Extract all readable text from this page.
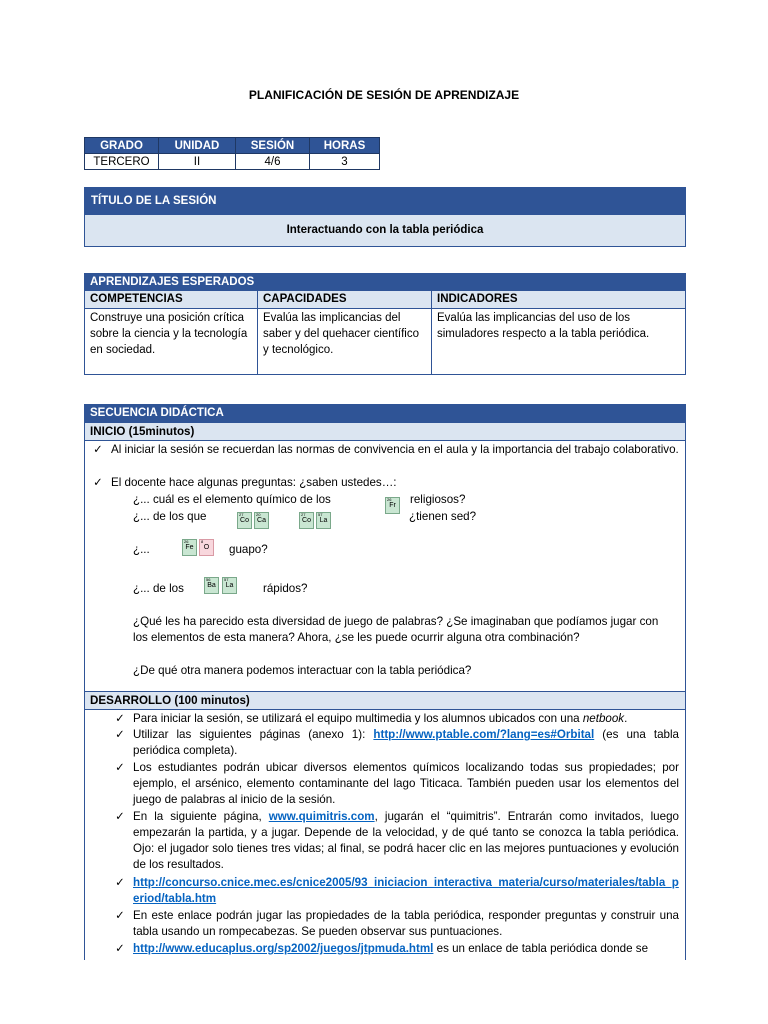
PLANIFICACIÓN DE SESIÓN DE APRENDIZAJE
GRADO	UNIDAD	SESIÓN	HORAS
TERCERO	II	4/6	3
TÍTULO DE LA SESIÓN
Interactuando con la tabla periódica
APRENDIZAJES ESPERADOS		
COMPETENCIAS	CAPACIDADES	INDICADORES
Construye una posición crítica sobre la ciencia y la tecnología en sociedad.	Evalúa las implicancias del saber y del quehacer científico y tecnológico.	Evalúa las implicancias del uso de los simuladores respecto a la tabla periódica.
SECUENCIA DIDÁCTICA
INICIO (15minutos)
✓ Al iniciar la sesión se recuerdan las normas de convivencia en el aula y la importancia del trabajo colaborativo.
✓ El docente hace algunas preguntas: ¿saben ustedes…:
¿... cuál es el elemento químico de los	26
Fr	religiosos?
¿... de los que	27
Co
20
Ca
27
Co
57
La	¿tienen sed?
¿...
26
Fe
8
O	guapo?
¿... de los
56
Ba
57
La	rápidos?
¿Qué les ha parecido esta diversidad de juego de palabras? ¿Se imaginaban que podíamos jugar con los elementos de esta manera? Ahora, ¿se les puede ocurrir alguna otra combinación?
¿De qué otra manera podemos interactuar con la tabla periódica?
DESARROLLO (100 minutos)
✓ Para iniciar la sesión, se utilizará el equipo multimedia y los alumnos ubicados con una netbook.
✓ Utilizar las siguientes páginas (anexo 1): http://www.ptable.com/?lang=es#Orbital (es una tabla periódica completa).
✓ Los estudiantes podrán ubicar diversos elementos químicos localizando todas sus propiedades; por ejemplo, el arsénico, elemento contaminante del lago Titicaca. También pueden usar los elementos del juego de palabras al inicio de la sesión.
✓ En la siguiente página, www.quimitris.com, jugarán el “quimitris”. Entrarán como invitados, luego empezarán la partida, y a jugar. Depende de la velocidad, y de qué tanto se conozca la tabla periódica. Ojo: el jugador solo tienes tres vidas; al final, se podrá hacer clic en las mejores puntuaciones y evolución de los resultados.
✓ http://concurso.cnice.mec.es/cnice2005/93_iniciacion_interactiva_materia/curso/materiales/tabla_period/tabla.htm
✓ En este enlace podrán jugar las propiedades de la tabla periódica, responder preguntas y construir una tabla usando un rompecabezas. Se pueden observar sus puntuaciones.
✓ http://www.educaplus.org/sp2002/juegos/jtpmuda.html es un enlace de tabla periódica donde se
